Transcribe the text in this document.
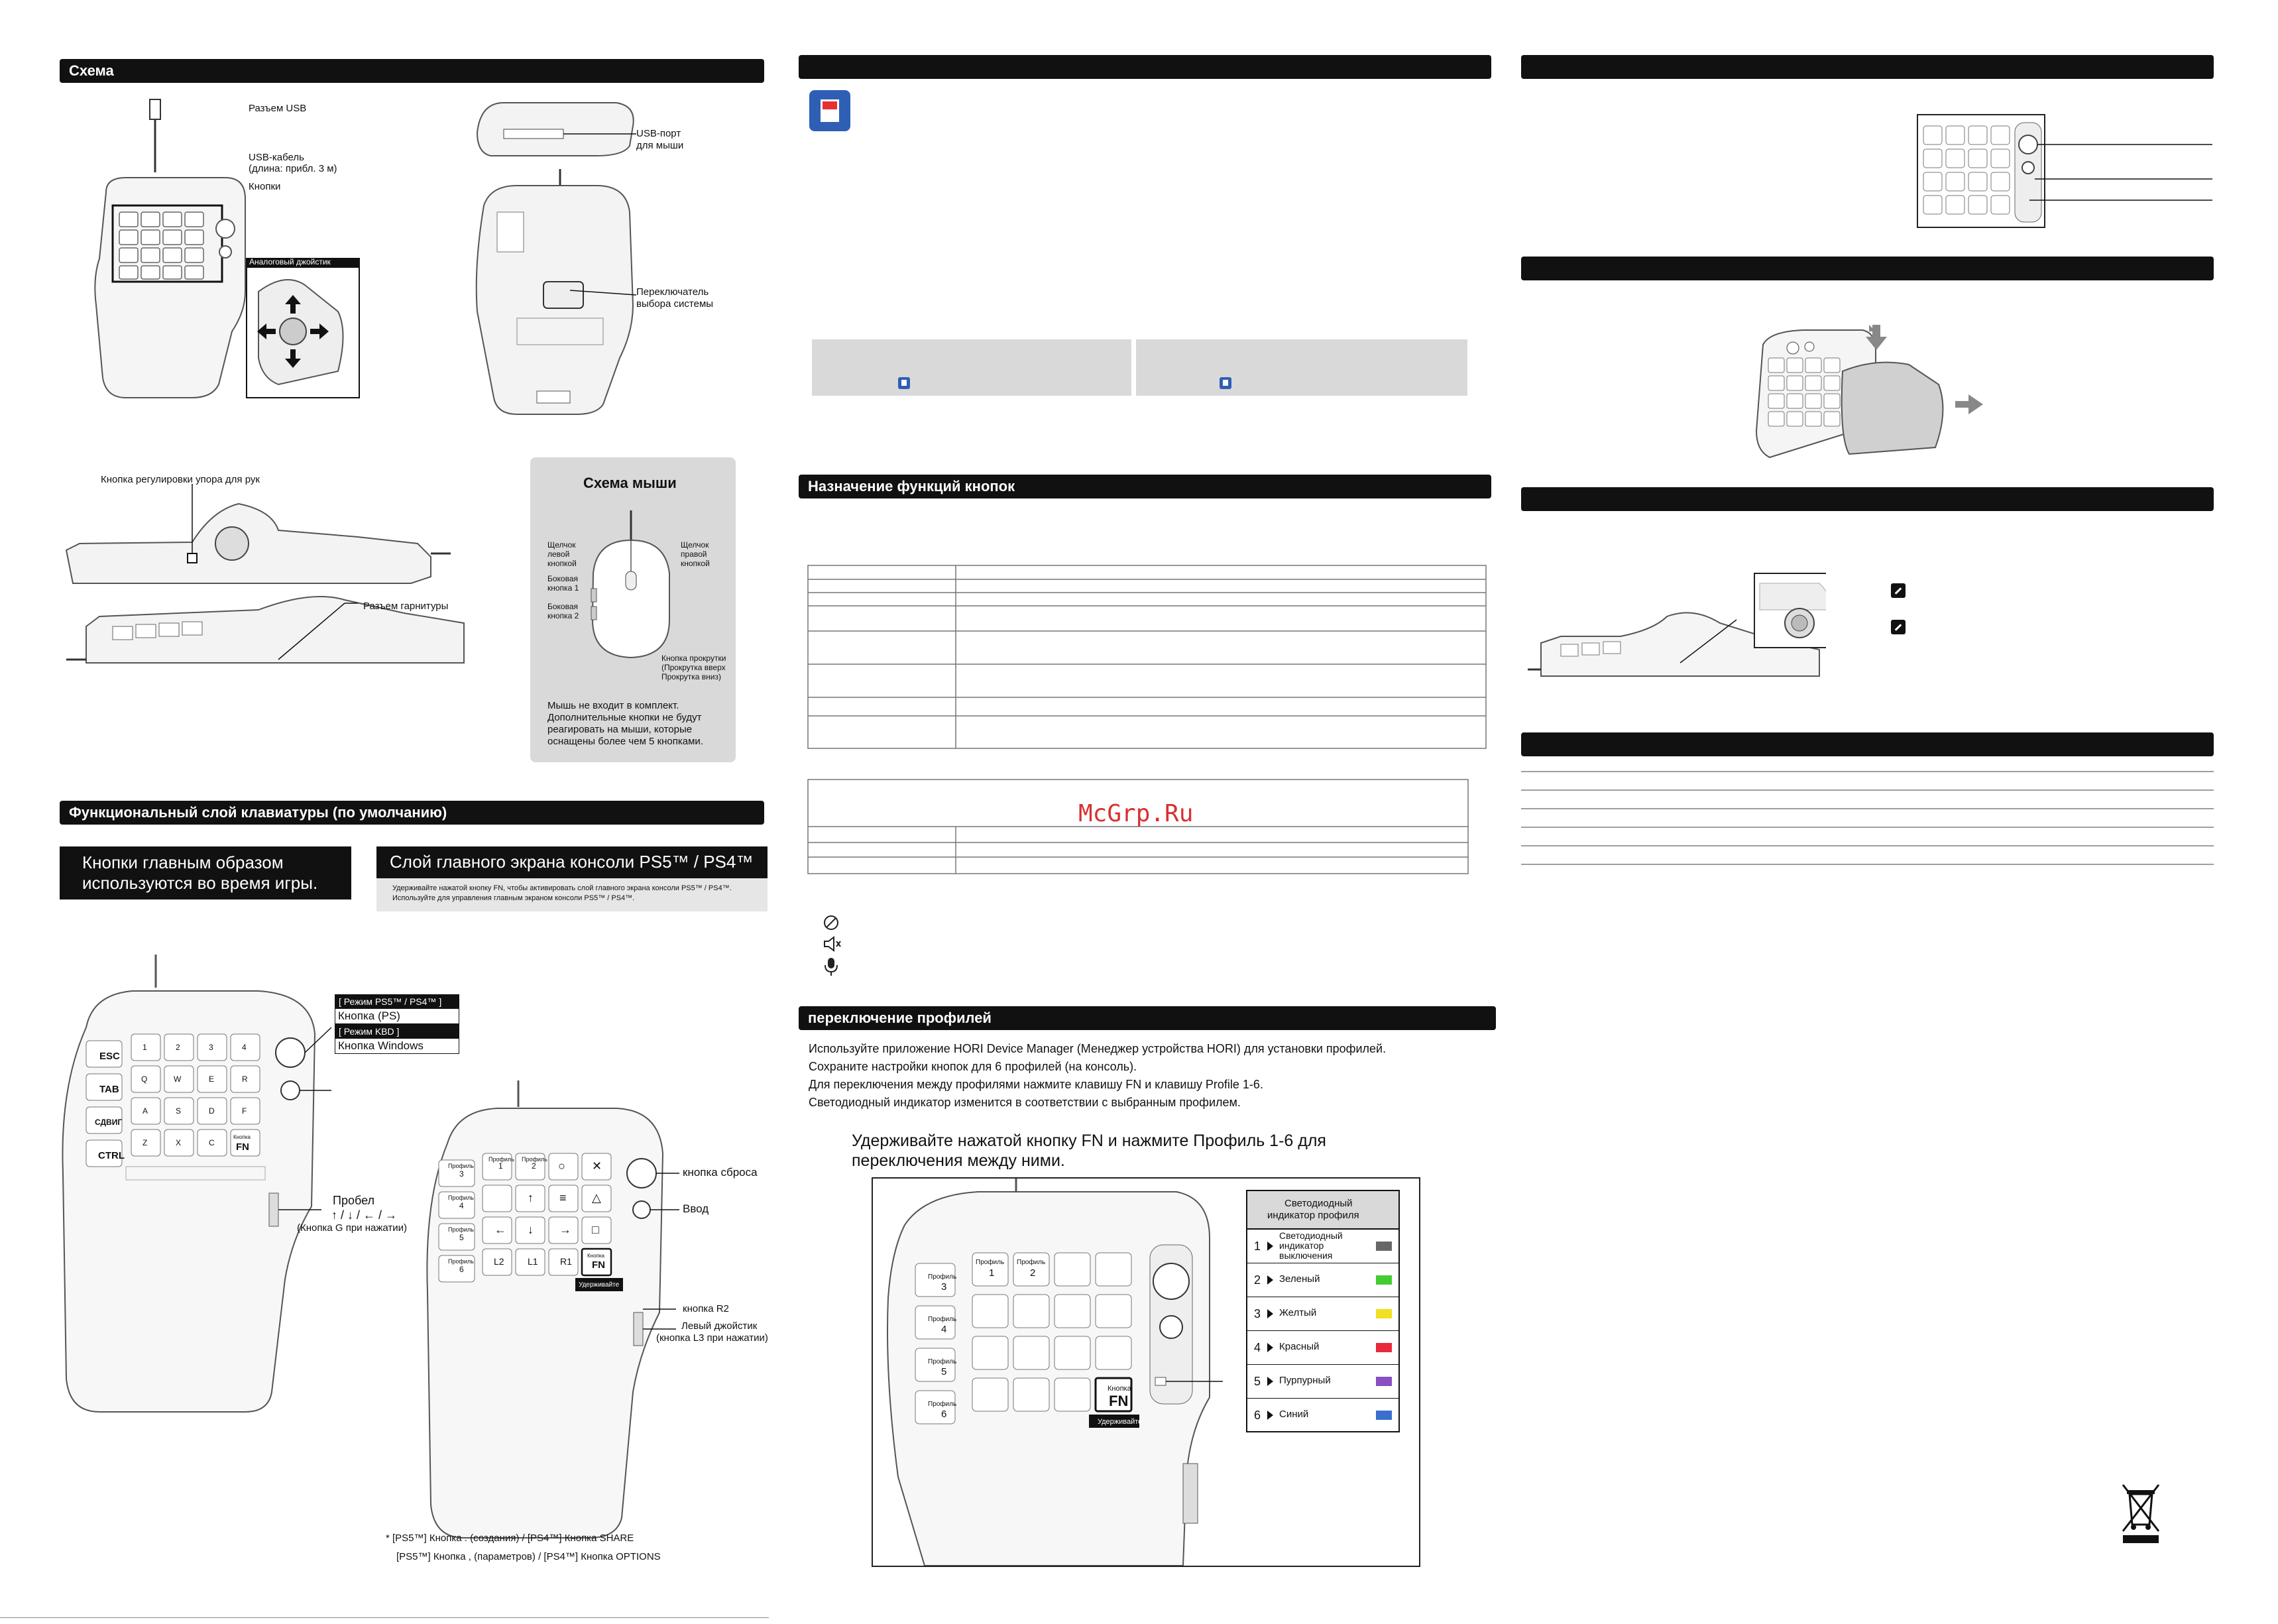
Схема
Разъем USB
USB-кабель
(длина: прибл. 3 м)
Кнопки
Аналоговый джойстик
USB-порт
для мыши
Переключатель
выбора системы
Кнопка регулировки упора для рук
Разъем гарнитуры
Схема мыши
Щелчок
левой
кнопкой
Щелчок
правой
кнопкой
Боковая
кнопка 1
Боковая
кнопка 2
Кнопка прокрутки
(Прокрутка вверх
Прокрутка вниз)
Мышь не входит в комплект.
Дополнительные кнопки не будут
реагировать на мыши, которые
оснащены более чем 5 кнопками.
Функциональный слой клавиатуры (по умолчанию)
Кнопки главным образом
используются во время игры.
Слой главного экрана консоли PS5™ / PS4™
Удерживайте нажатой кнопку FN, чтобы активировать слой главного экрана консоли PS5™ / PS4™.
Используйте для управления главным экраном консоли PS5™ / PS4™.
ESC
TAB
СДВИГ
CTRL
1	2	3	4
Q	W	E	R
A	S	D	F
Z	X	C
Кнопка
FN
[ Режим PS5™ / PS4™ ]
Кнопка (PS)
[ Режим KBD ]
Кнопка Windows
Пробел
↑ / ↓ / ← / →
(Кнопка G при нажатии)
Профиль
1
Профиль
2 ○ ✕
↑ ≡ △
← ↓ → □
L2	L1 R1
Кнопка
FN
Удерживайте
Профиль
3
Профиль
4
Профиль
5
Профиль
6
кнопка сброса
Ввод
кнопка R2
Левый джойстик
(кнопка L3 при нажатии)
* [PS5™] Кнопка . (создания) / [PS4™] Кнопка SHARE
[PS5™] Кнопка , (параметров) / [PS4™] Кнопка OPTIONS
Назначение функций кнопок
McGrp.Ru
переключение профилей
Используйте приложение HORI Device Manager (Менеджер устройства HORI) для установки профилей.
Сохраните настройки кнопок для 6 профилей (на консоль).
Для переключения между профилями нажмите клавишу FN и клавишу Profile 1-6.
Светодиодный индикатор изменится в соответствии с выбранным профилем.
Удерживайте нажатой кнопку FN и нажмите Профиль 1-6 для
переключения между ними.
Профиль
1
Профиль
2
Профиль
3
Профиль
4
Профиль
5
Профиль
6
Кнопка
FN
Удерживайте
Светодиодный
индикатор профиля
1
Светодиодный индикатор выключения
2 Зеленый
3 Желтый
4 Красный
5 Пурпурный
6 Синий
